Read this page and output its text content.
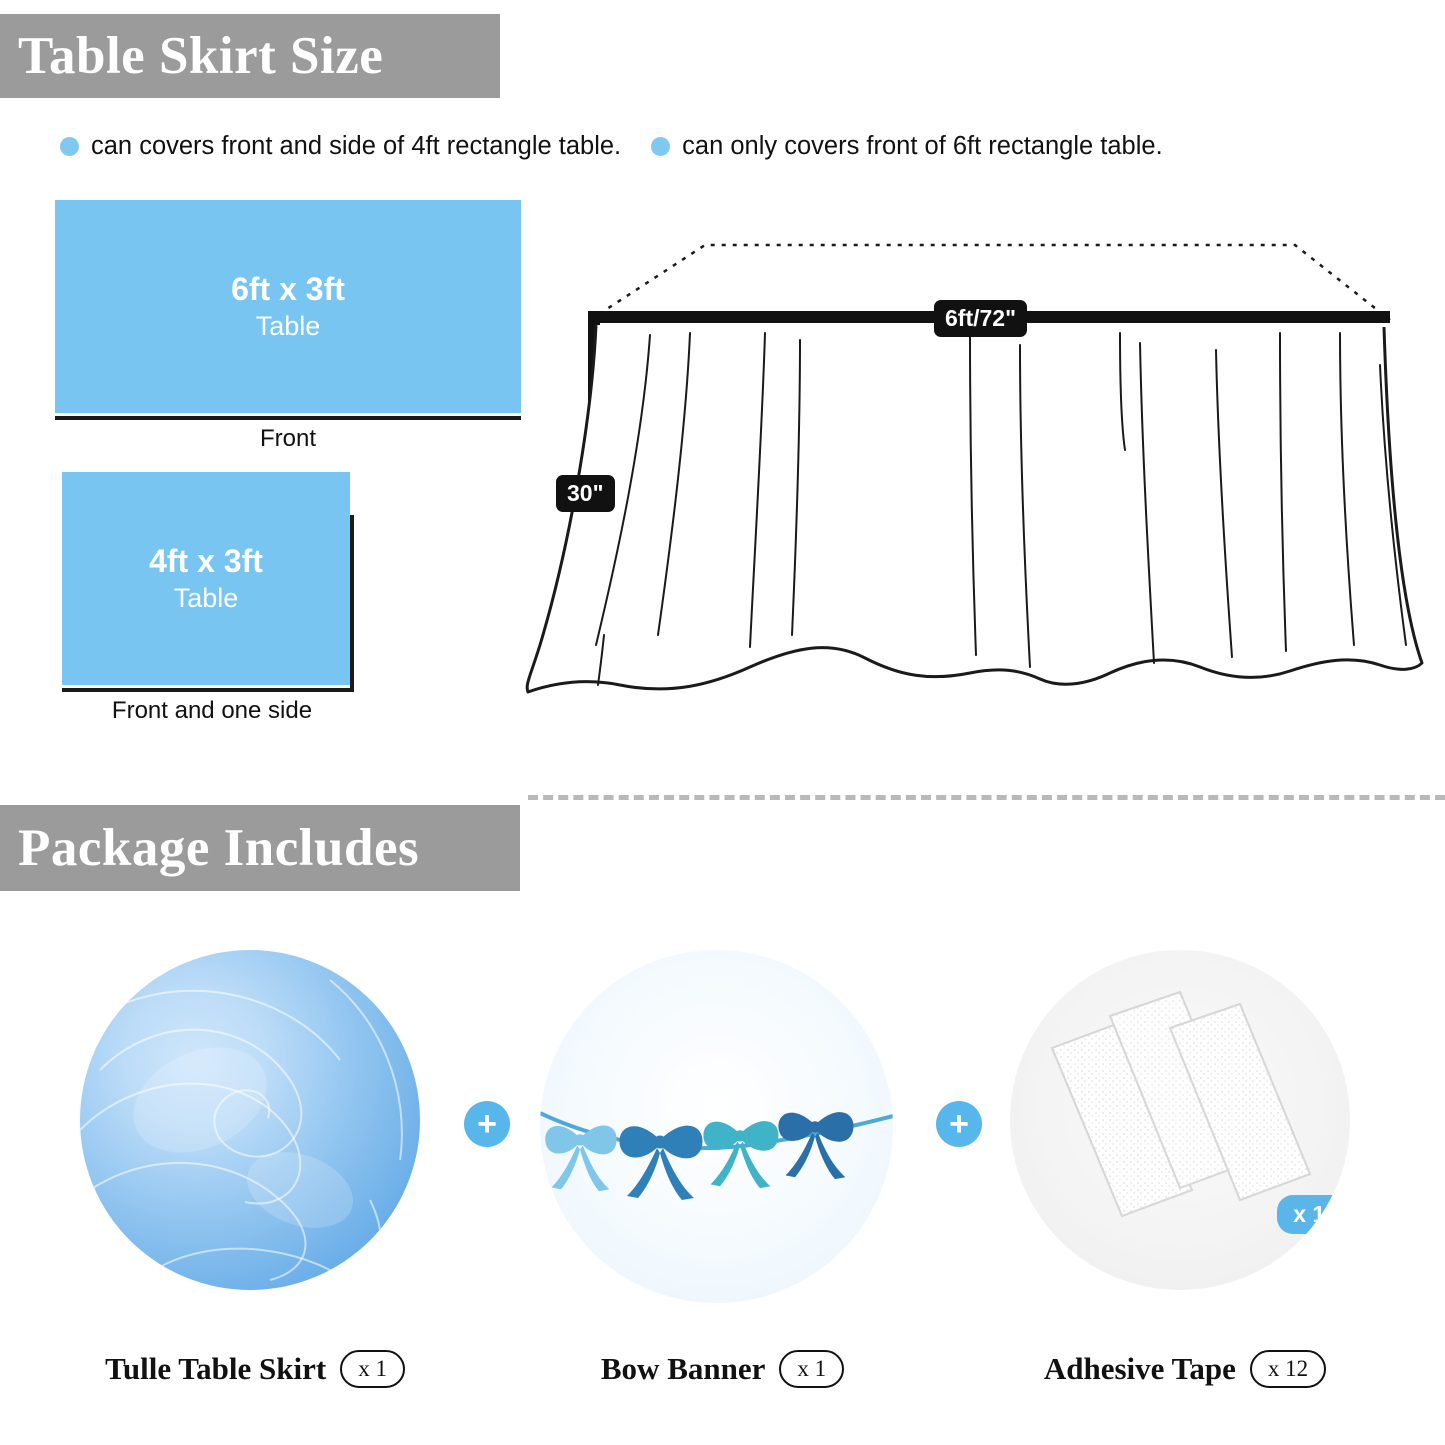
Table Skirt Size
can covers front and side of 4ft rectangle table. can only covers front of 6ft rectangle table.
6ft x 3ft
Table
Front
4ft x 3ft
Table
Front and one side
6ft/72"
30"
Package Includes
Tulle Table Skirt	x 1
+
Bow Banner	x 1
+
x 12
Adhesive Tape	x 12
